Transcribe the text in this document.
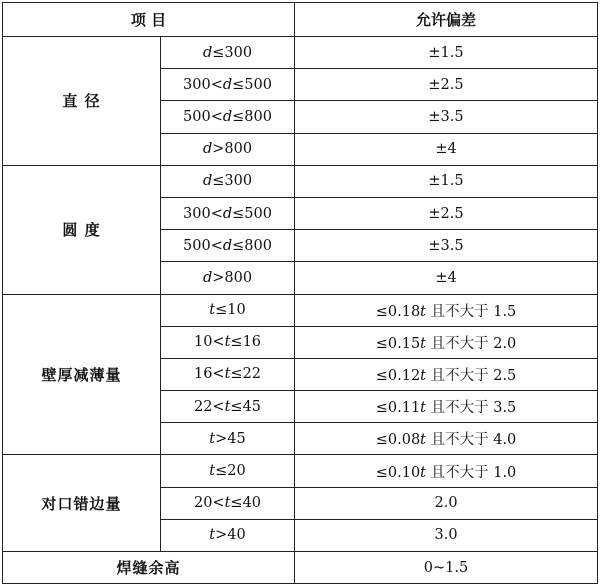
项 目		允许偏差
直 径	d≤300	±1.5
	300<d≤500	±2.5
	500<d≤800	±3.5
	d>800	±4
圆 度	d≤300	±1.5
	300<d≤500	±2.5
	500<d≤800	±3.5
	d>800	±4
壁厚减薄量	t≤10	≤0.18t 且不大于 1.5
	10<t≤16	≤0.15t 且不大于 2.0
	16<t≤22	≤0.12t 且不大于 2.5
	22<t≤45	≤0.11t 且不大于 3.5
	t>45	≤0.08t 且不大于 4.0
对口错边量	t≤20	≤0.10t 且不大于 1.0
	20<t≤40	2.0
	t>40	3.0
焊缝余高		0~1.5
